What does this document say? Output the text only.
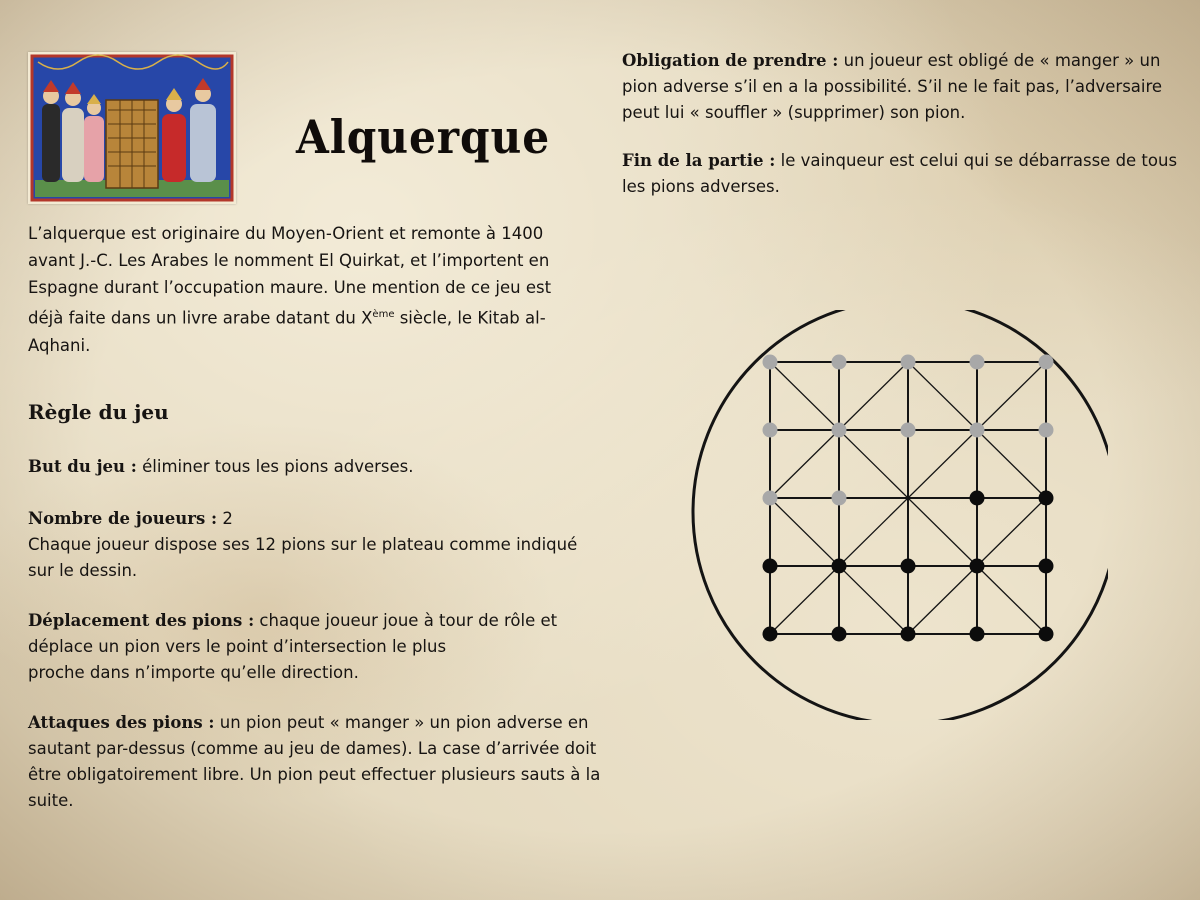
Alquerque
L’alquerque est originaire du Moyen-Orient et remonte à 1400 avant J.-C. Les Arabes le nomment El Quirkat, et l’importent en Espagne durant l’occupation maure. Une mention de ce jeu est déjà faite dans un livre arabe datant du Xème siècle, le Kitab al-Aqhani.
Règle du jeu
But du jeu : éliminer tous les pions adverses.

Nombre de joueurs : 2

Chaque joueur dispose ses 12 pions sur le plateau comme indiqué sur le dessin.

Déplacement des pions : chaque joueur joue à tour de rôle et déplace un pion vers le point d’intersection le plus

proche dans n’importe qu’elle direction.

Attaques des pions : un pion peut « manger » un pion adverse en sautant par-dessus (comme au jeu de dames). La case d’arrivée doit être obligatoirement libre. Un pion peut effectuer plusieurs sauts à la suite.
Obligation de prendre : un joueur est obligé de « manger » un pion adverse s’il en a la possibilité. S’il ne le fait pas, l’adversaire peut lui « souffler » (supprimer) son pion.
Fin de la partie : le vainqueur est celui qui se débarrasse de tous les pions adverses.
